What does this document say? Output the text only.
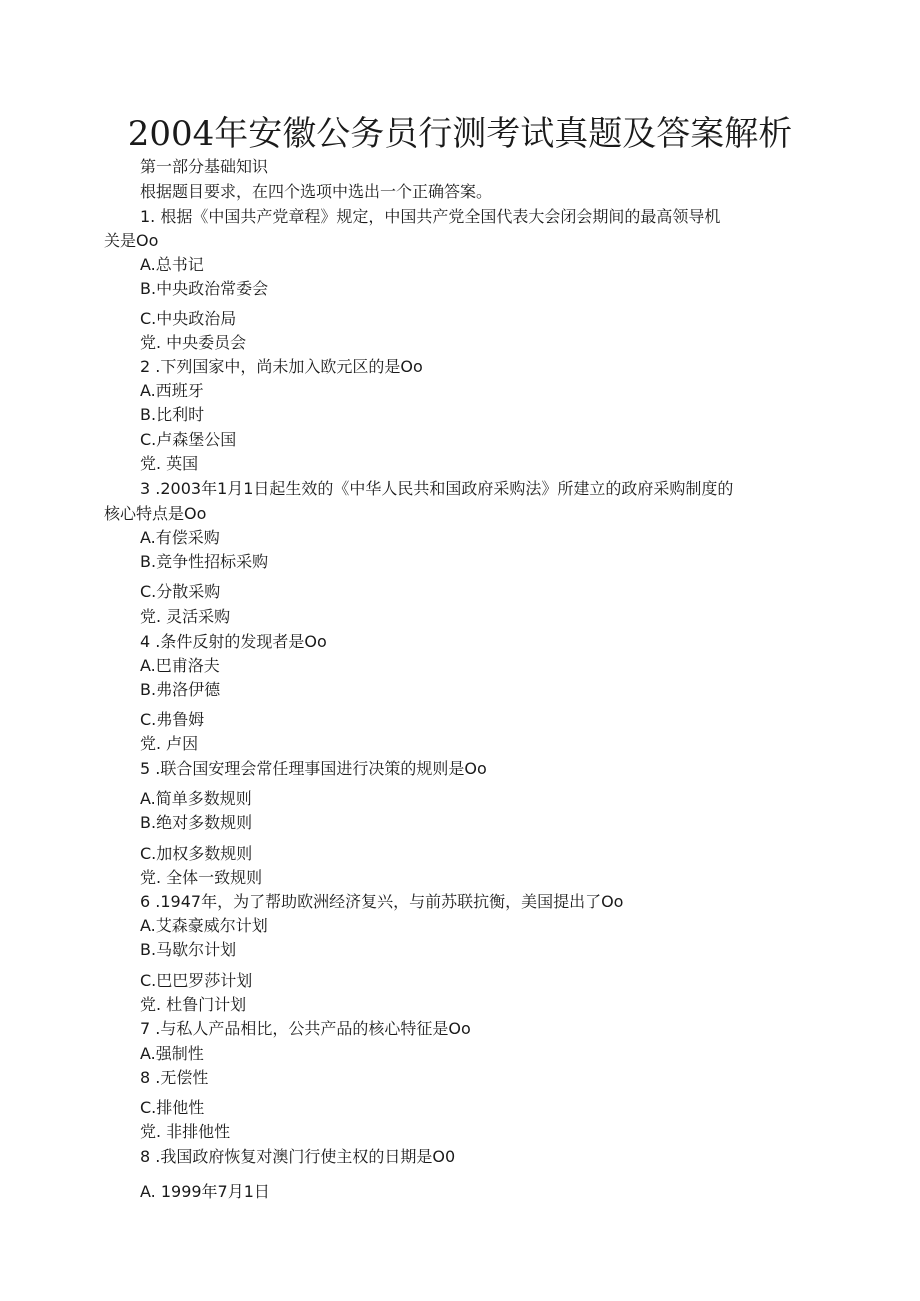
2004年安徽公务员行测考试真题及答案解析
第一部分基础知识
根据题目要求，在四个选项中选出一个正确答案。
1. 根据《中国共产党章程》规定，中国共产党全国代表大会闭会期间的最高领导机
关是Oo
A.总书记
B.中央政治常委会
C.中央政治局
党. 中央委员会
2 .下列国家中，尚未加入欧元区的是Oo
A.西班牙
B.比利时
C.卢森堡公国
党. 英国
3 .2003年1月1日起生效的《中华人民共和国政府采购法》所建立的政府采购制度的
核心特点是Oo
A.有偿采购
B.竞争性招标采购
C.分散采购
党. 灵活采购
4 .条件反射的发现者是Oo
A.巴甫洛夫
B.弗洛伊德
C.弗鲁姆
党. 卢因
5 .联合国安理会常任理事国进行决策的规则是Oo
A.简单多数规则
B.绝对多数规则
C.加权多数规则
党. 全体一致规则
6 .1947年，为了帮助欧洲经济复兴，与前苏联抗衡，美国提出了Oo
A.艾森豪威尔计划
B.马歇尔计划
C.巴巴罗莎计划
党. 杜鲁门计划
7 .与私人产品相比，公共产品的核心特征是Oo
A.强制性
8 .无偿性
C.排他性
党. 非排他性
8 .我国政府恢复对澳门行使主权的日期是O0
A. 1999年7月1日
